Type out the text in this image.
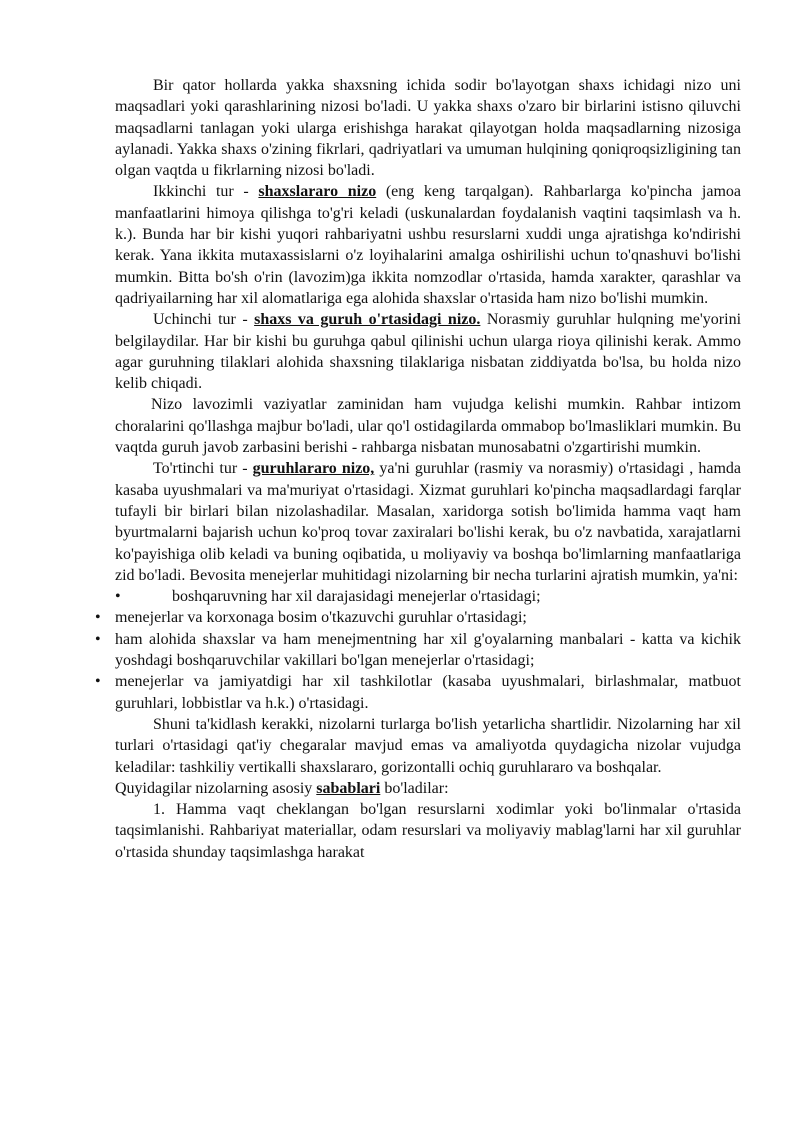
Bir qator hollarda yakka shaxsning ichida sodir bo'layotgan shaxs ichidagi nizo uni maqsadlari yoki qarashlarining nizosi bo'ladi. U yakka shaxs o'zaro bir birlarini istisno qiluvchi maqsadlarni tanlagan yoki ularga erishishga harakat qilayotgan holda maqsadlarning nizosiga aylanadi. Yakka shaxs o'zining fikrlari, qadriyatlari va umuman hulqining qoniqroqsizligining tan olgan vaqtda u fikrlarning nizosi bo'ladi.

Ikkinchi tur - shaxslararo nizo (eng keng tarqalgan). Rahbarlarga ko'pincha jamoa manfaatlarini himoya qilishga to'g'ri keladi (uskunalardan foydalanish vaqtini taqsimlash va h. k.). Bunda har bir kishi yuqori rahbariyatni ushbu resurslarni xuddi unga ajratishga ko'ndirishi kerak. Yana ikkita mutaxassislarni o'z loyihalarini amalga oshirilishi uchun to'qnashuvi bo'lishi mumkin. Bitta bo'sh o'rin (lavozim)ga ikkita nomzodlar o'rtasida, hamda xarakter, qarashlar va qadriyailarning har xil alomatlariga ega alohida shaxslar o'rtasida ham nizo bo'lishi mumkin.

Uchinchi tur - shaxs va guruh o'rtasidagi nizo. Norasmiy guruhlar hulqning me'yorini belgilaydilar. Har bir kishi bu guruhga qabul qilinishi uchun ularga rioya qilinishi kerak. Ammo agar guruhning tilaklari alohida shaxsning tilaklariga nisbatan ziddiyatda bo'lsa, bu holda nizo kelib chiqadi.

Nizo lavozimli vaziyatlar zaminidan ham vujudga kelishi mumkin. Rahbar intizom choralarini qo'llashga majbur bo'ladi, ular qo'l ostidagilarda ommabop bo'lmasliklari mumkin. Bu vaqtda guruh javob zarbasini berishi - rahbarga nisbatan munosabatni o'zgartirishi mumkin.

To'rtinchi tur - guruhlararo nizo, ya'ni guruhlar (rasmiy va norasmiy) o'rtasidagi , hamda kasaba uyushmalari va ma'muriyat o'rtasidagi. Xizmat guruhlari ko'pincha maqsadlardagi farqlar tufayli bir birlari bilan nizolashadilar. Masalan, xaridorga sotish bo'limida hamma vaqt ham byurtmalarni bajarish uchun ko'proq tovar zaxiralari bo'lishi kerak, bu o'z navbatida, xarajatlarni ko'payishiga olib keladi va buning oqibatida, u moliyaviy va boshqa bo'limlarning manfaatlariga zid bo'ladi. Bevosita menejerlar muhitidagi nizolarning bir necha turlarini ajratish mumkin, ya'ni:

•	boshqaruvning har xil darajasidagi menejerlar o'rtasidagi;

• menejerlar va korxonaga bosim o'tkazuvchi guruhlar o'rtasidagi;

• ham alohida shaxslar va ham menejmentning har xil g'oyalarning manbalari - katta va kichik yoshdagi boshqaruvchilar vakillari bo'lgan menejerlar o'rtasidagi;

• menejerlar va jamiyatdigi har xil tashkilotlar (kasaba uyushmalari, birlashmalar, matbuot guruhlari, lobbistlar va h.k.) o'rtasidagi.

Shuni ta'kidlash kerakki, nizolarni turlarga bo'lish yetarlicha shartlidir. Nizolarning har xil turlari o'rtasidagi qat'iy chegaralar mavjud emas va amaliyotda quydagicha nizolar vujudga keladilar: tashkiliy vertikalli shaxslararo, gorizontalli ochiq guruhlararo va boshqalar.

Quyidagilar nizolarning asosiy sabablari bo'ladilar:

1. Hamma vaqt cheklangan bo'lgan resurslarni xodimlar yoki bo'linmalar o'rtasida taqsimlanishi. Rahbariyat materiallar, odam resurslari va moliyaviy mablag'larni har xil guruhlar o'rtasida shunday taqsimlashga harakat
